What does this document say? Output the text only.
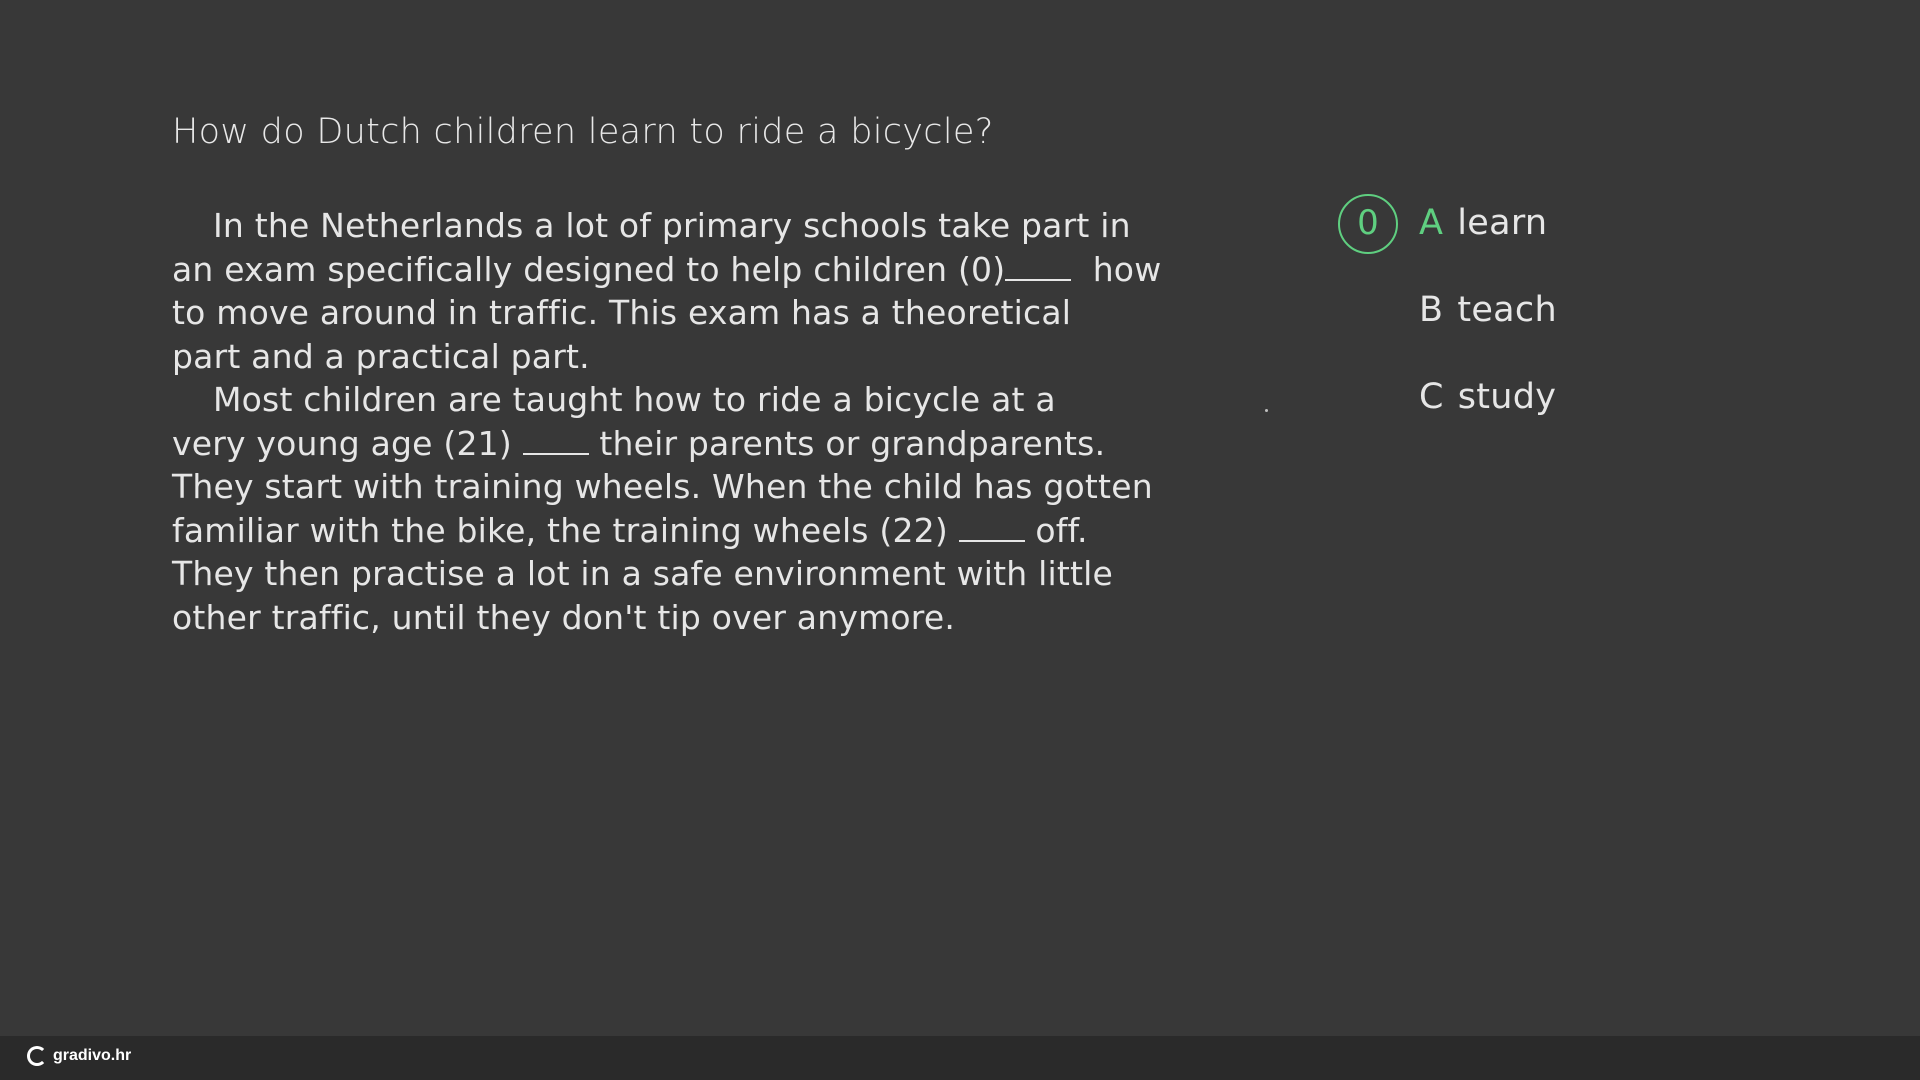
How do Dutch children learn to ride a bicycle?
In the Netherlands a lot of primary schools take part in
an exam specifically designed to help children (0)	how
to move around in traffic. This exam has a theoretical
part and a practical part.
Most children are taught how to ride a bicycle at a
very young age (21)	their parents or grandparents.
They start with training wheels. When the child has gotten
familiar with the bike, the training wheels (22)	off.
They then practise a lot in a safe environment with little
other traffic, until they don't tip over anymore.
0	A learn
B teach
C study
gradivo.hr
